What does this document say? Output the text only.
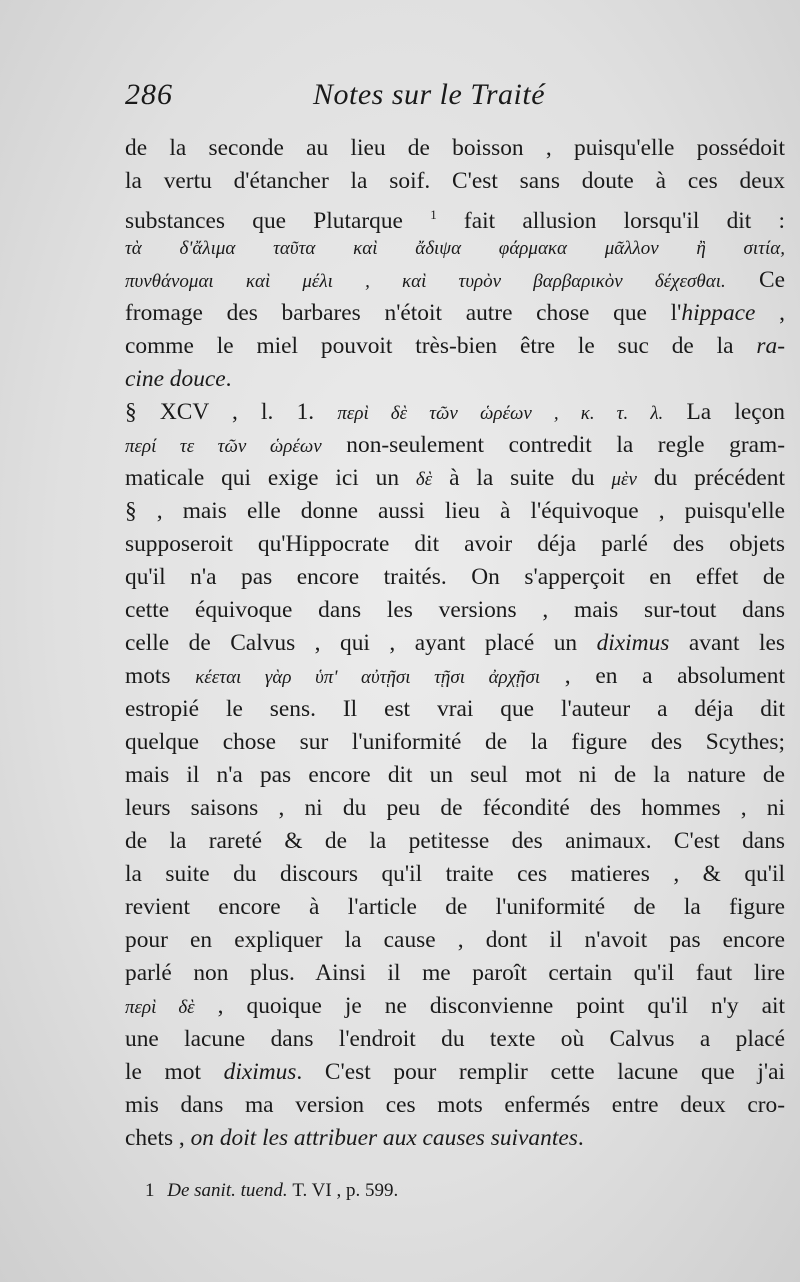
286	Notes sur le Traité
de la seconde au lieu de boisson , puisqu'elle possédoit
la vertu d'étancher la soif. C'est sans doute à ces deux
substances que Plutarque $^1$ fait allusion lorsqu'il dit :
τὰ δ'ἄλιμα ταῦτα καὶ ἄδιψα φάρμακα μᾶλλον ἢ σιτία,
πυνθάνομαι καὶ μέλι , καὶ τυρὸν βαρβαρικὸν δέχεσθαι. Ce
fromage des barbares n'étoit autre chose que l'hippace ,
comme le miel pouvoit très-bien être le suc de la ra-
cine douce.
§ XCV , l. 1. περὶ δὲ τῶν ὡρέων , κ. τ. λ. La leçon
περί τε τῶν ὡρέων non-seulement contredit la regle gram-
maticale qui exige ici un δὲ à la suite du μὲν du précédent
§ , mais elle donne aussi lieu à l'équivoque , puisqu'elle
supposeroit qu'Hippocrate dit avoir déja parlé des objets
qu'il n'a pas encore traités. On s'apperçoit en effet de
cette équivoque dans les versions , mais sur-tout dans
celle de Calvus , qui , ayant placé un diximus avant les
mots κέεται γὰρ ὑπ' αὐτῇσι τῇσι ἀρχῇσι , en a absolument
estropié le sens. Il est vrai que l'auteur a déja dit
quelque chose sur l'uniformité de la figure des Scythes;
mais il n'a pas encore dit un seul mot ni de la nature de
leurs saisons , ni du peu de fécondité des hommes , ni
de la rareté & de la petitesse des animaux. C'est dans
la suite du discours qu'il traite ces matieres , & qu'il
revient encore à l'article de l'uniformité de la figure
pour en expliquer la cause , dont il n'avoit pas encore
parlé non plus. Ainsi il me paroît certain qu'il faut lire
περὶ δὲ , quoique je ne disconvienne point qu'il n'y ait
une lacune dans l'endroit du texte où Calvus a placé
le mot diximus. C'est pour remplir cette lacune que j'ai
mis dans ma version ces mots enfermés entre deux cro-
chets , on doit les attribuer aux causes suivantes.
1 De sanit. tuend. T. VI , p. 599.
